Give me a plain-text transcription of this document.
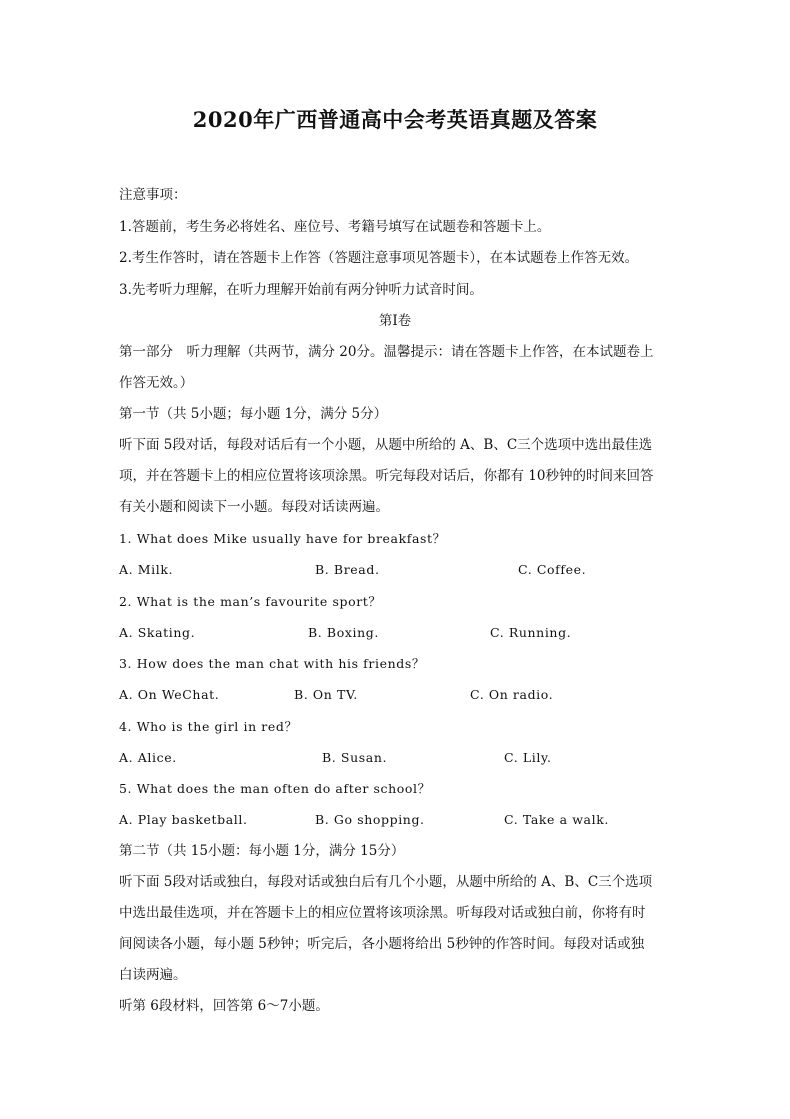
2020年广西普通高中会考英语真题及答案
注意事项：
1.答题前，考生务必将姓名、座位号、考籍号填写在试题卷和答题卡上。
2.考生作答时，请在答题卡上作答（答题注意事项见答题卡），在本试题卷上作答无效。
3.先考听力理解，在听力理解开始前有两分钟听力试音时间。
第Ⅰ卷
第一部分　听力理解（共两节，满分 20分。温馨提示：请在答题卡上作答，在本试题卷上
作答无效。）
第一节（共 5小题；每小题 1分，满分 5分）
听下面 5段对话，每段对话后有一个小题，从题中所给的 A、B、C三个选项中选出最佳选
项，并在答题卡上的相应位置将该项涂黑。听完每段对话后，你都有 10秒钟的时间来回答
有关小题和阅读下一小题。每段对话读两遍。
1. What does Mike usually have for breakfast？
A. Milk.	B. Bread.	C. Coffee.
2. What is the man’s favourite sport？
A. Skating.	B. Boxing.	C. Running.
3. How does the man chat with his friends？
A. On WeChat.	B. On TV.	C. On radio.
4. Who is the girl in red？
A. Alice.	B. Susan.	C. Lily.
5. What does the man often do after school？
A. Play basketball.	B. Go shopping.	C. Take a walk.
第二节（共 15小题：每小题 1分，满分 15分）
听下面 5段对话或独白，每段对话或独白后有几个小题，从题中所给的 A、B、C三个选项
中选出最佳选项，并在答题卡上的相应位置将该项涂黑。听每段对话或独白前，你将有时
间阅读各小题，每小题 5秒钟；听完后，各小题将给出 5秒钟的作答时间。每段对话或独
白读两遍。
听第 6段材料，回答第 6～7小题。
